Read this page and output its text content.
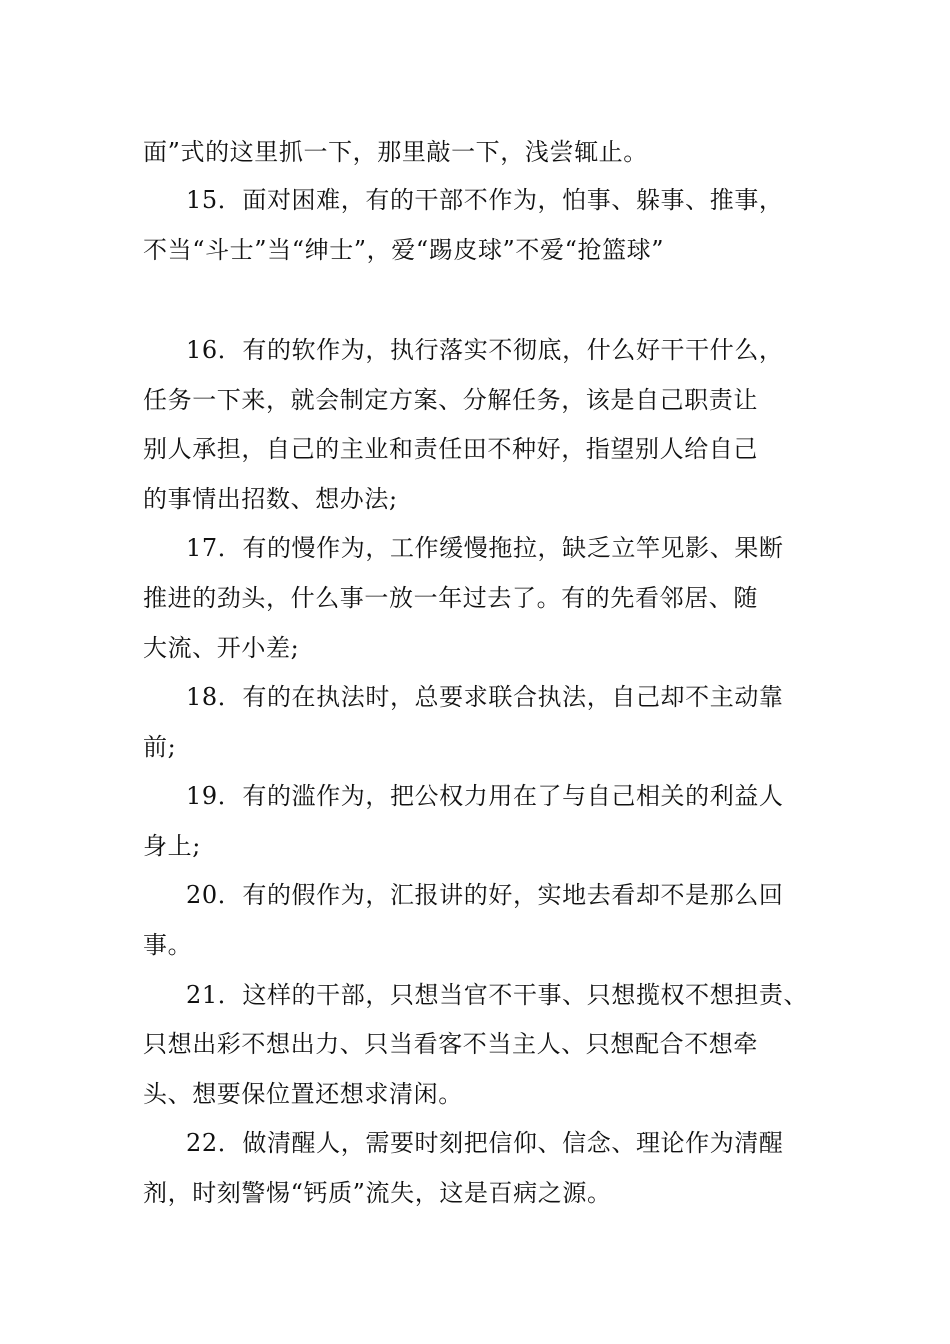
面”式的这里抓一下，那里敲一下，浅尝辄止。
15．面对困难，有的干部不作为，怕事、躲事、推事，
不当“斗士”当“绅士”，爱“踢皮球”不爱“抢篮球”
16．有的软作为，执行落实不彻底，什么好干干什么，
任务一下来，就会制定方案、分解任务，该是自己职责让
别人承担，自己的主业和责任田不种好，指望别人给自己
的事情出招数、想办法;
17．有的慢作为，工作缓慢拖拉，缺乏立竿见影、果断
推进的劲头，什么事一放一年过去了。有的先看邻居、随
大流、开小差;
18．有的在执法时，总要求联合执法，自己却不主动靠
前;
19．有的滥作为，把公权力用在了与自己相关的利益人
身上;
20．有的假作为，汇报讲的好，实地去看却不是那么回
事。
21．这样的干部，只想当官不干事、只想揽权不想担责、
只想出彩不想出力、只当看客不当主人、只想配合不想牵
头、想要保位置还想求清闲。
22．做清醒人，需要时刻把信仰、信念、理论作为清醒
剂，时刻警惕“钙质”流失，这是百病之源。
